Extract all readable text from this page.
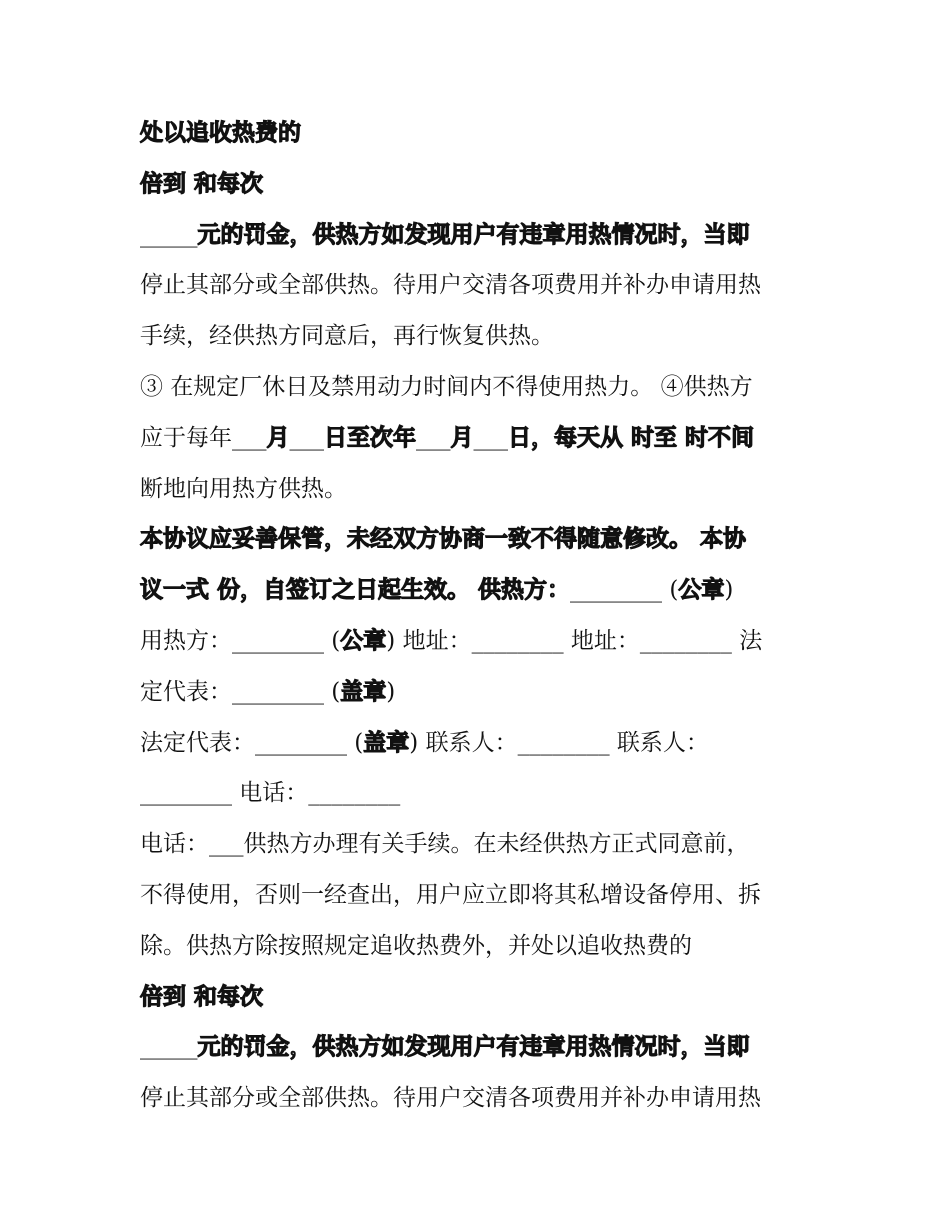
处以追收热费的
倍到 和每次
_____元的罚金，供热方如发现用户有违章用热情况时，当即
停止其部分或全部供热。待用户交清各项费用并补办申请用热
手续，经供热方同意后，再行恢复供热。
③ 在规定厂休日及禁用动力时间内不得使用热力。 ④供热方
应于每年___月___日至次年___月___日，每天从 时至 时不间
断地向用热方供热。
本协议应妥善保管，未经双方协商一致不得随意修改。 本协
议一式 份，自签订之日起生效。 供热方：________ (公章)
用热方：________ (公章) 地址：________ 地址：________ 法
定代表：________ (盖章)
法定代表：________ (盖章) 联系人：________ 联系人：
________ 电话：________
电话：___供热方办理有关手续。在未经供热方正式同意前，
不得使用，否则一经查出，用户应立即将其私增设备停用、拆
除。供热方除按照规定追收热费外，并处以追收热费的
倍到 和每次
_____元的罚金，供热方如发现用户有违章用热情况时，当即
停止其部分或全部供热。待用户交清各项费用并补办申请用热
